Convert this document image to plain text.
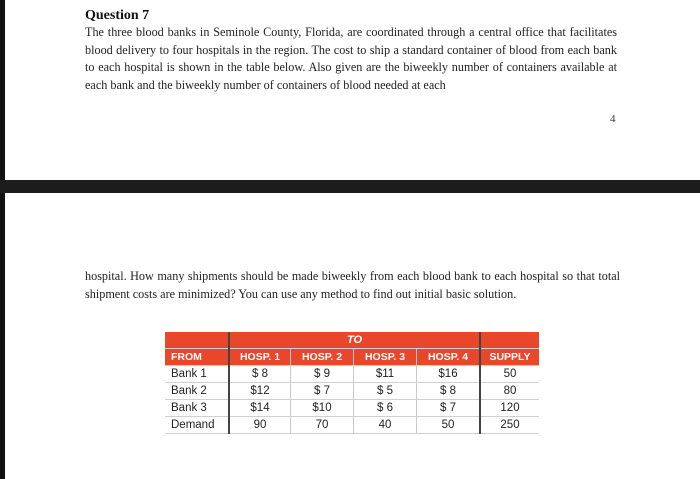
Question 7
The three blood banks in Seminole County, Florida, are coordinated through a central office that facilitates blood delivery to four hospitals in the region. The cost to ship a standard container of blood from each bank to each hospital is shown in the table below. Also given are the biweekly number of containers available at each bank and the biweekly number of containers of blood needed at each
4
hospital. How many shipments should be made biweekly from each blood bank to each hospital so that total shipment costs are minimized? You can use any method to find out initial basic solution.
	TO				
FROM	HOSP. 1	HOSP. 2	HOSP. 3	HOSP. 4	SUPPLY
Bank 1	$ 8	$ 9	$11	$16	50
Bank 2	$12	$ 7	$ 5	$ 8	80
Bank 3	$14	$10	$ 6	$ 7	120
Demand	90	70	40	50	250
